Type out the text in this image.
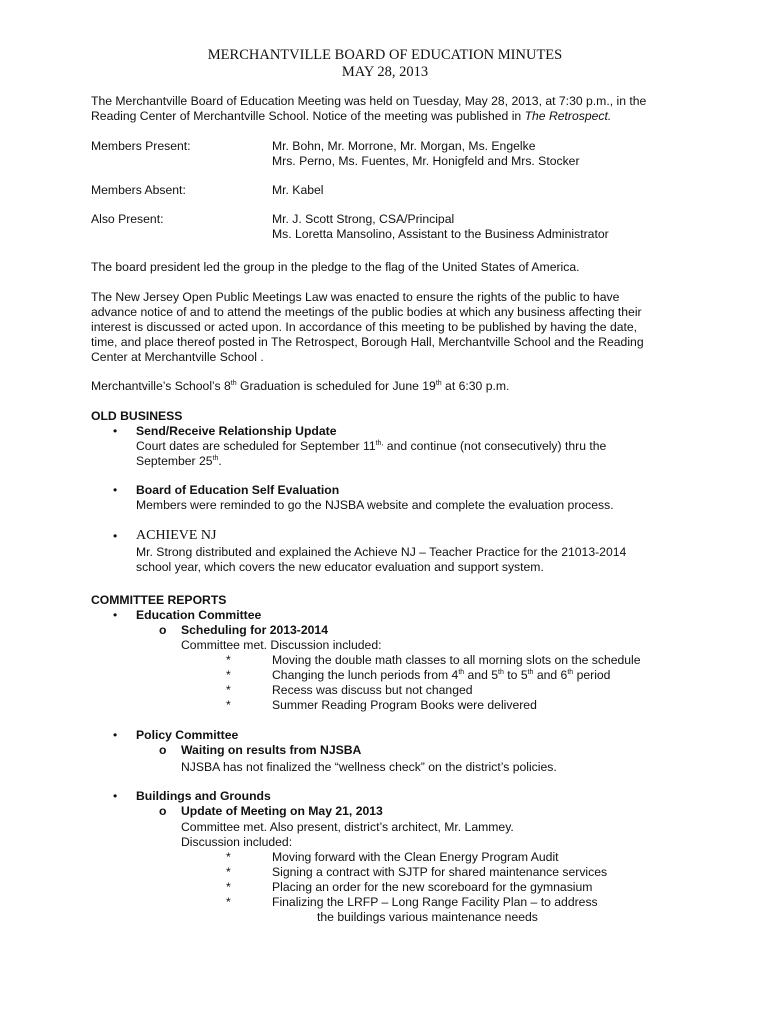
MERCHANTVILLE BOARD OF EDUCATION MINUTES
MAY 28, 2013

The Merchantville Board of Education Meeting was held on Tuesday, May 28, 2013, at 7:30 p.m., in the

Reading Center of Merchantville School. Notice of the meeting was published in The Retrospect.

Members Present:	Mr. Bohn, Mr. Morrone, Mr. Morgan, Ms. Engelke
Mrs. Perno, Ms. Fuentes, Mr. Honigfeld and Mrs. Stocker
Members Absent:	Mr. Kabel
Also Present:	Mr. J. Scott Strong, CSA/Principal
Ms. Loretta Mansolino, Assistant to the Business Administrator

The board president led the group in the pledge to the flag of the United States of America.

The New Jersey Open Public Meetings Law was enacted to ensure the rights of the public to have

advance notice of and to attend the meetings of the public bodies at which any business affecting their

interest is discussed or acted upon. In accordance of this meeting to be published by having the date,

time, and place thereof posted in The Retrospect, Borough Hall, Merchantville School and the Reading

Center at Merchantville School .

Merchantville’s School’s 8th Graduation is scheduled for June 19th at 6:30 p.m.

OLD BUSINESS
• Send/Receive Relationship Update

Court dates are scheduled for September $11^{th,}$ and continue (not consecutively) thru the

September 25th.

• Board of Education Self Evaluation

Members were reminded to go the NJSBA website and complete the evaluation process.

• ACHIEVE NJ

Mr. Strong distributed and explained the Achieve NJ – Teacher Practice for the 21013-2014

school year, which covers the new educator evaluation and support system.

COMMITTEE REPORTS
• Education Committee
o Scheduling for 2013-2014
Committee met. Discussion included:
*	Moving the double math classes to all morning slots on the schedule
*	Changing the lunch periods from 4th and 5th to 5th and 6th period
*	Recess was discuss but not changed
*	Summer Reading Program Books were delivered
• Policy Committee
o Waiting on results from NJSBA
NJSBA has not finalized the “wellness check” on the district’s policies.
• Buildings and Grounds
o Update of Meeting on May 21, 2013
Committee met. Also present, district’s architect, Mr. Lammey.
Discussion included:
*	Moving forward with the Clean Energy Program Audit
*	Signing a contract with SJTP for shared maintenance services
*	Placing an order for the new scoreboard for the gymnasium
*	Finalizing the LRFP – Long Range Facility Plan – to address
the buildings various maintenance needs
